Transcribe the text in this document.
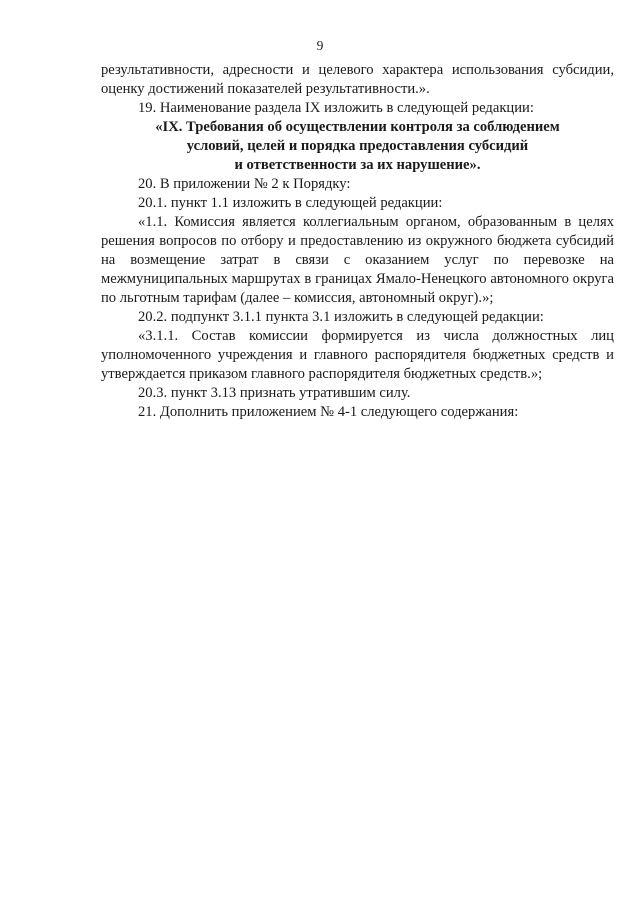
9

результативности, адресности и целевого характера использования субсидии, оценку достижений показателей результативности.».

19. Наименование раздела IX изложить в следующей редакции:

«IX. Требования об осуществлении контроля за соблюдением
условий, целей и порядка предоставления субсидий
и ответственности за их нарушение».

20. В приложении № 2 к Порядку:

20.1. пункт 1.1 изложить в следующей редакции:

«1.1. Комиссия является коллегиальным органом, образованным в целях решения вопросов по отбору и предоставлению из окружного бюджета субсидий на возмещение затрат в связи с оказанием услуг по перевозке на межмуниципальных маршрутах в границах Ямало-Ненецкого автономного округа по льготным тарифам (далее – комиссия, автономный округ).»;

20.2. подпункт 3.1.1 пункта 3.1 изложить в следующей редакции:

«3.1.1. Состав комиссии формируется из числа должностных лиц уполномоченного учреждения и главного распорядителя бюджетных средств и утверждается приказом главного распорядителя бюджетных средств.»;

20.3. пункт 3.13 признать утратившим силу.

21. Дополнить приложением № 4-1 следующего содержания:
